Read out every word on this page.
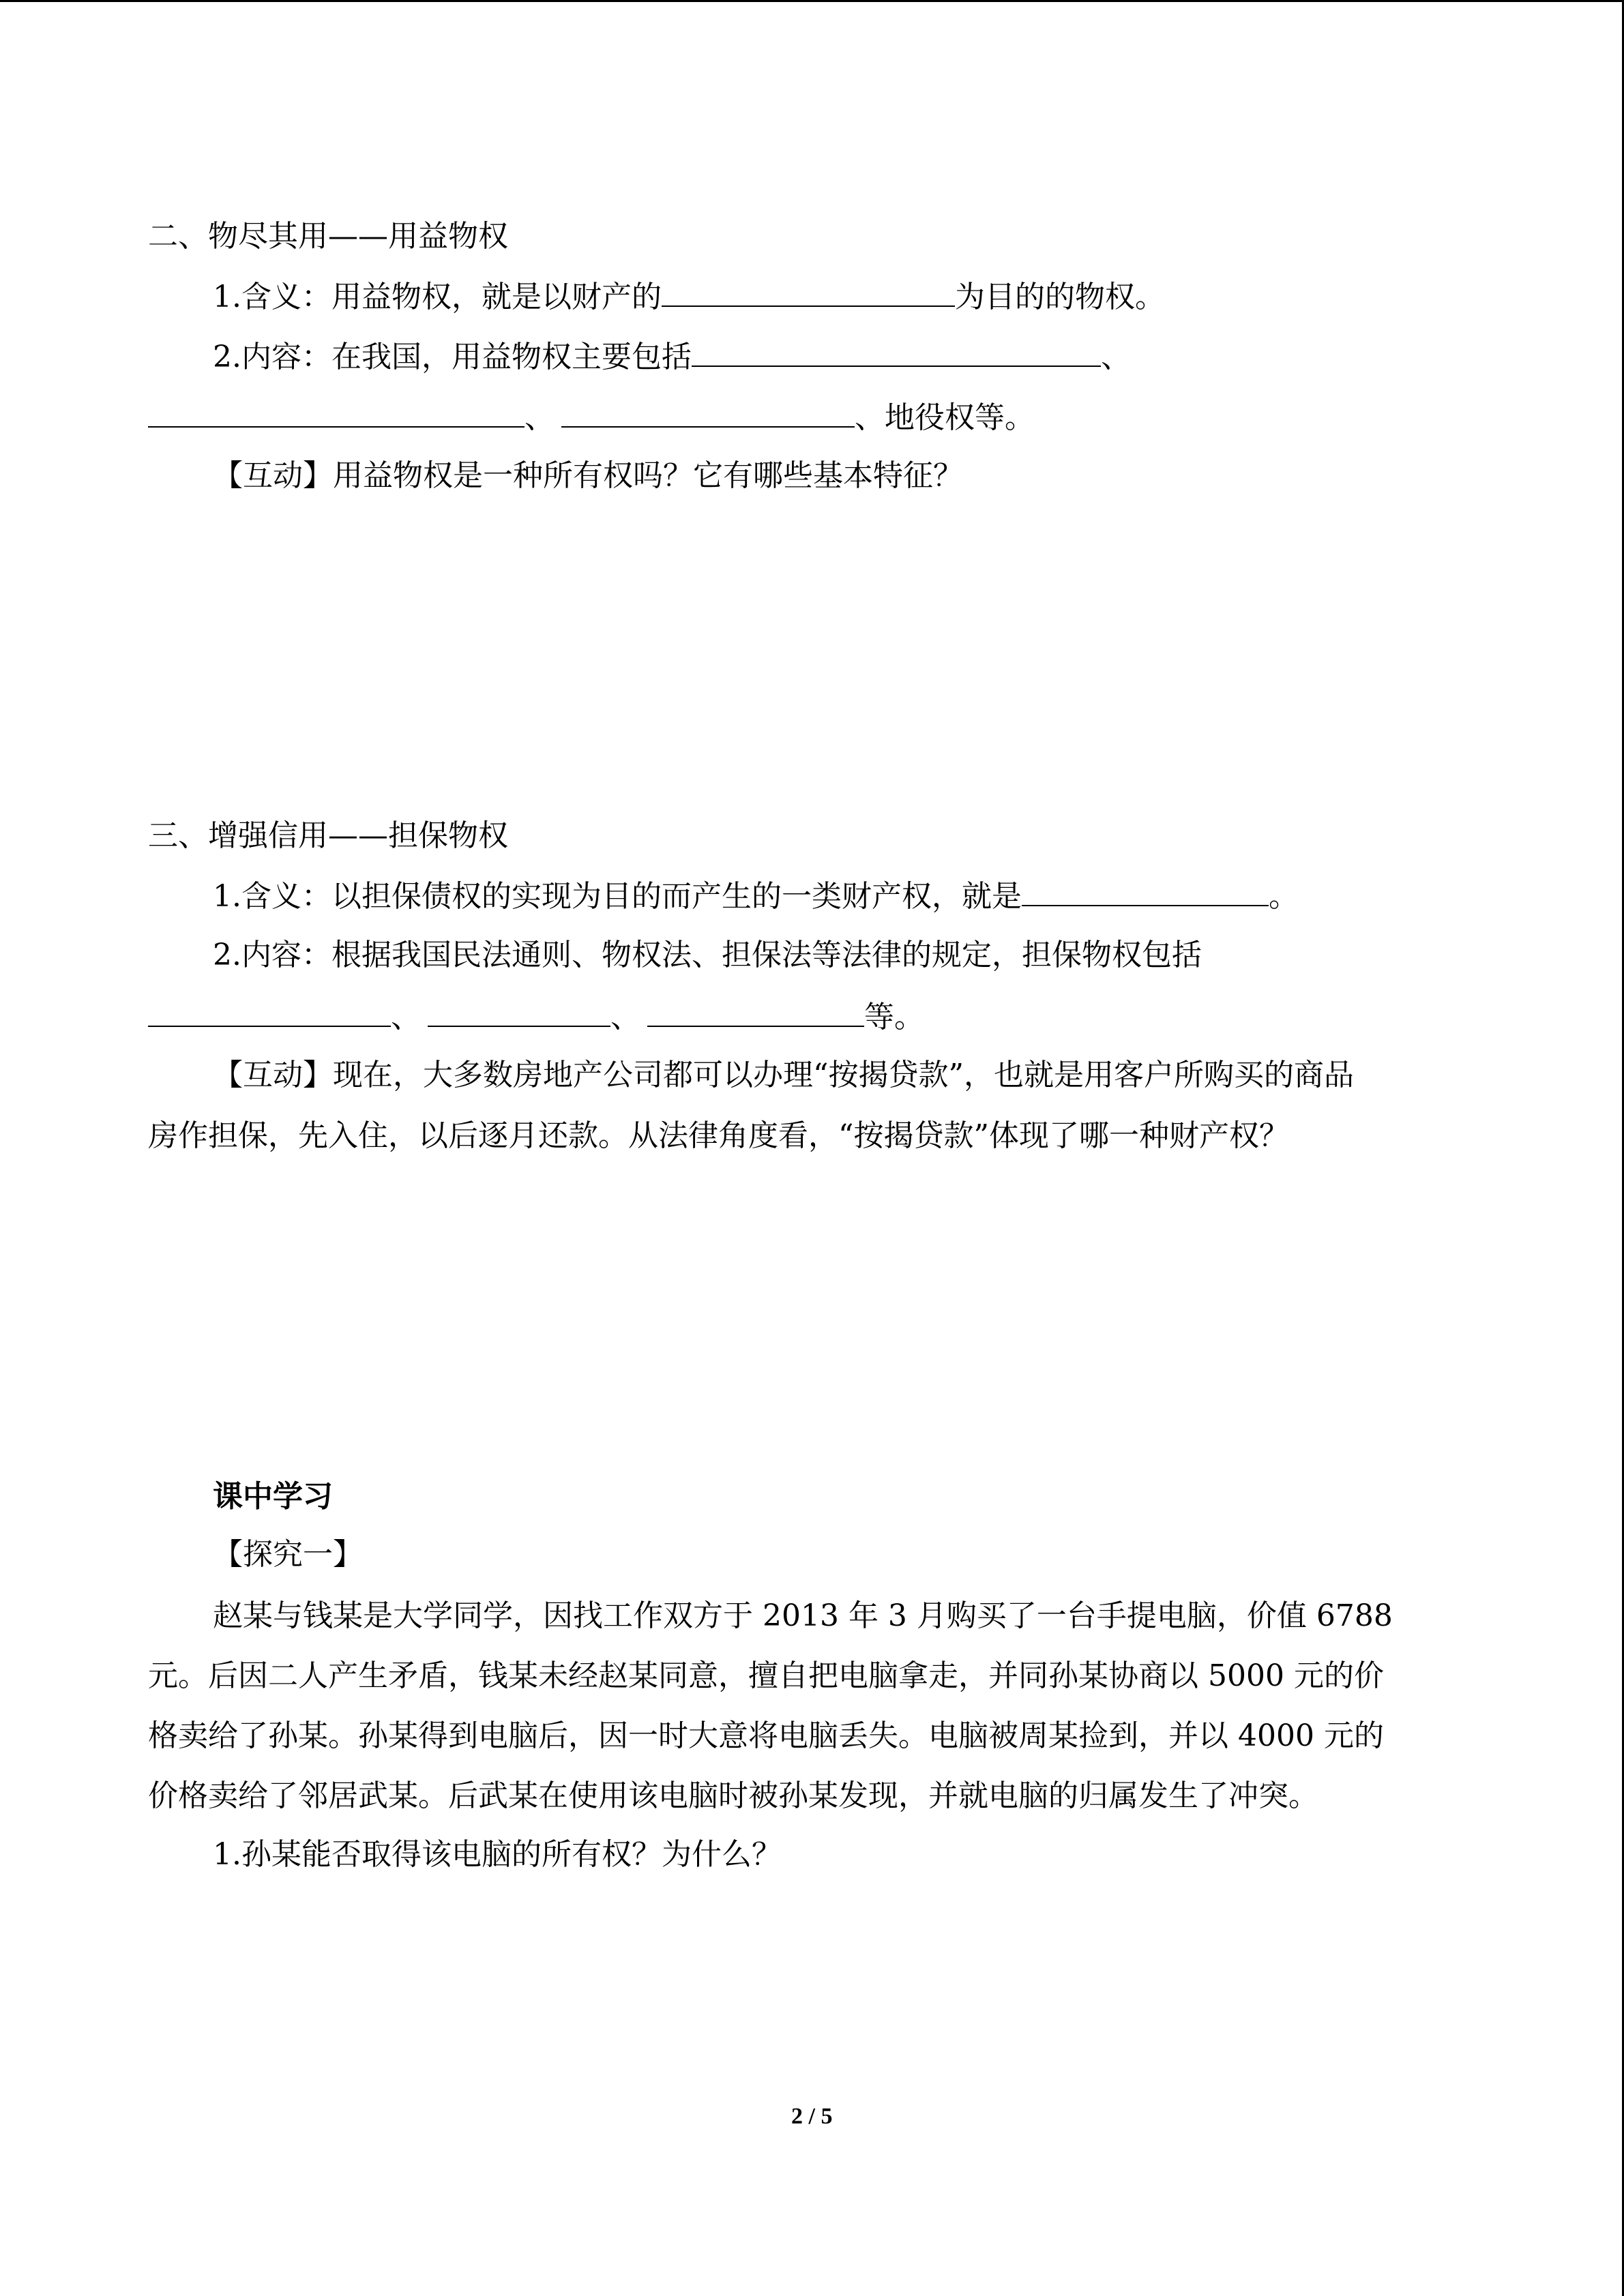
二、物尽其用——用益物权
1.含义：用益物权，就是以财产的	为目的的物权。
2.内容：在我国，用益物权主要包括	、
、	、地役权等。
【互动】用益物权是一种所有权吗？它有哪些基本特征？
三、增强信用——担保物权
1.含义：以担保债权的实现为目的而产生的一类财产权，就是	。
2.内容：根据我国民法通则、物权法、担保法等法律的规定，担保物权包括
、	、	等。
【互动】现在，大多数房地产公司都可以办理“按揭贷款”，也就是用客户所购买的商品
房作担保，先入住，以后逐月还款。从法律角度看，“按揭贷款”体现了哪一种财产权？
课中学习
【探究一】
赵某与钱某是大学同学，因找工作双方于 2013 年 3 月购买了一台手提电脑，价值 6788
元。后因二人产生矛盾，钱某未经赵某同意，擅自把电脑拿走，并同孙某协商以 5000 元的价
格卖给了孙某。孙某得到电脑后，因一时大意将电脑丢失。电脑被周某捡到，并以 4000 元的
价格卖给了邻居武某。后武某在使用该电脑时被孙某发现，并就电脑的归属发生了冲突。
1.孙某能否取得该电脑的所有权？为什么？
2 / 5
